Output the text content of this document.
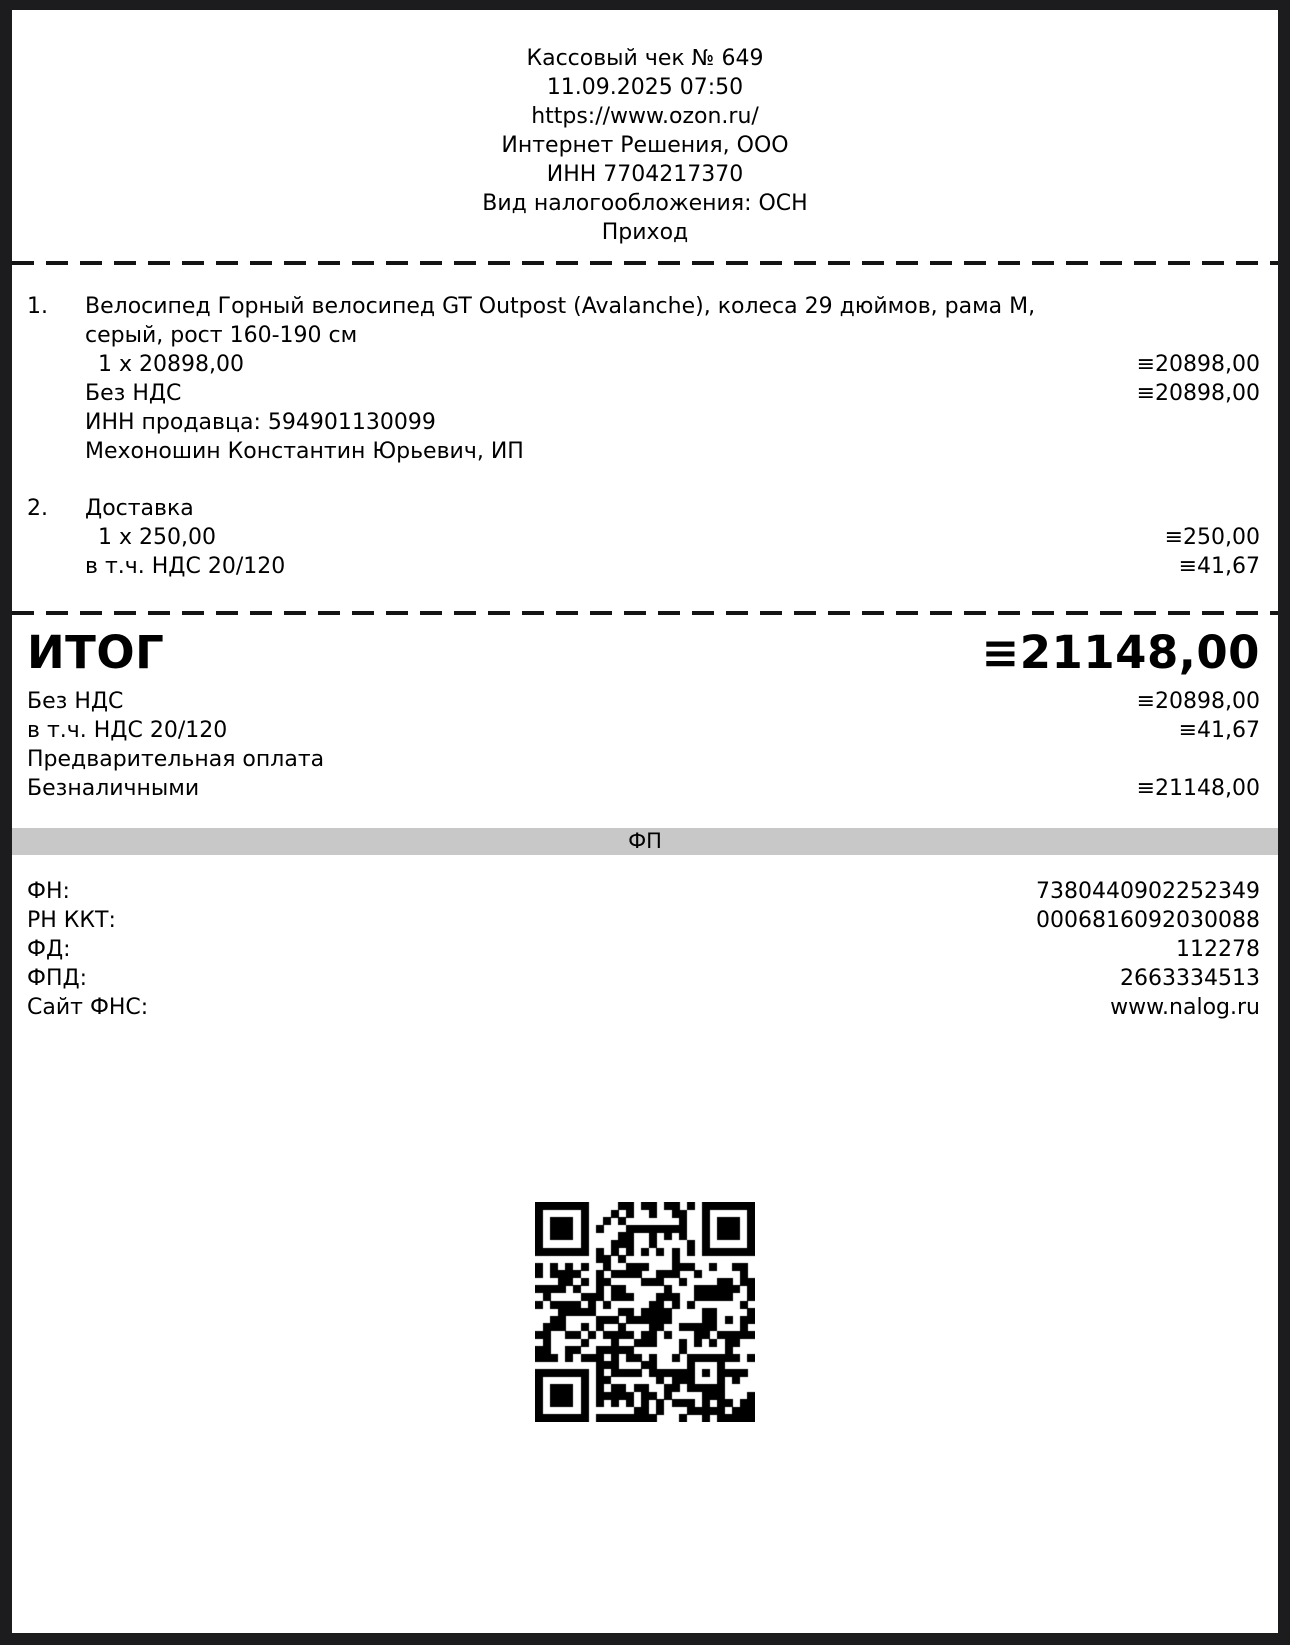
Кассовый чек № 649
11.09.2025 07:50
https://www.ozon.ru/
Интернет Решения, ООО
ИНН 7704217370
Вид налогообложения: ОСН
Приход
1.	Велосипед Горный велосипед GT Outpost (Avalanche), колеса 29 дюймов, рама M, серый, рост 160-190 см
1 x 20898,00	≡20898,00
Без НДС	≡20898,00
ИНН продавца: 594901130099
Мехоношин Константин Юрьевич, ИП
2.	Доставка
1 x 250,00	≡250,00
в т.ч. НДС 20/120	≡41,67
ИТОГ	≡21148,00
Без НДС	≡20898,00
в т.ч. НДС 20/120	≡41,67
Предварительная оплата
Безналичными	≡21148,00
ФП
ФН:	7380440902252349
РН ККТ:	0006816092030088
ФД:	112278
ФПД:	2663334513
Сайт ФНС:	www.nalog.ru
